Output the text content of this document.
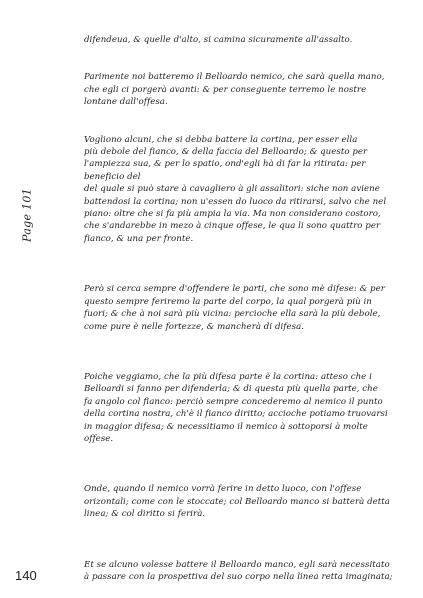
Page 101

difendeua, & quelle d'alto, si camina sicuramente all'assalto.

Parimente noi batteremo il Belloardo nemico, che sarà quella mano,
che egli ci porgerà avanti: & per conseguente terremo le nostre
lontane dall'offesa.

Vogliono alcuni, che si debba battere la cortina, per esser ella
più debole del fianco, & della faccia del Belloardo; & questo per
l'ampiezza sua, & per lo spatio, ond'egli hà di far la ritirata: per
beneficio del
del quale si può stare à cavagliero à gli assalitori: siche non aviene
battendosi la cortina; non u'essen do luoco da ritirarsi, salvo che nel
piano: oltre che si fa più ampia la via. Ma non considerano costoro,
che s'andarebbe in mezo à cinque offese, le qua li sono quattro per
fianco, & una per fronte.

Però si cerca sempre d'offendere le parti, che sono mè difese: & per
questo sempre feriremo la parte del corpo, la qual porgerà più in
fuori; & che à noi sarà più vicina: percioche ella sarà la più debole,
come pure è nelle fortezze, & mancherà di difesa.

Poiche veggiamo, che la più difesa parte è la cortina: atteso che i
Belloardi si fanno per difenderla; & di questa più quella parte, che
fa angolo col fianco: perciò sempre concederemo al nemico il punto
della cortina nostra, ch'è il fianco diritto; accioche potiamo truovarsi
in maggior difesa; & necessitiamo il nemico à sottoporsi à molte
offese.

Onde, quando il nemico vorrà ferire in detto luoco, con l'offese
orizontali; come con le stoccate; col Belloardo manco si batterà detta
linea; & col diritto si ferirà.

Et se alcuno volesse battere il Belloardo manco, egli sarà necessitato
à passare con la prospettiva del suo corpo nella linea retta imaginata;

140
